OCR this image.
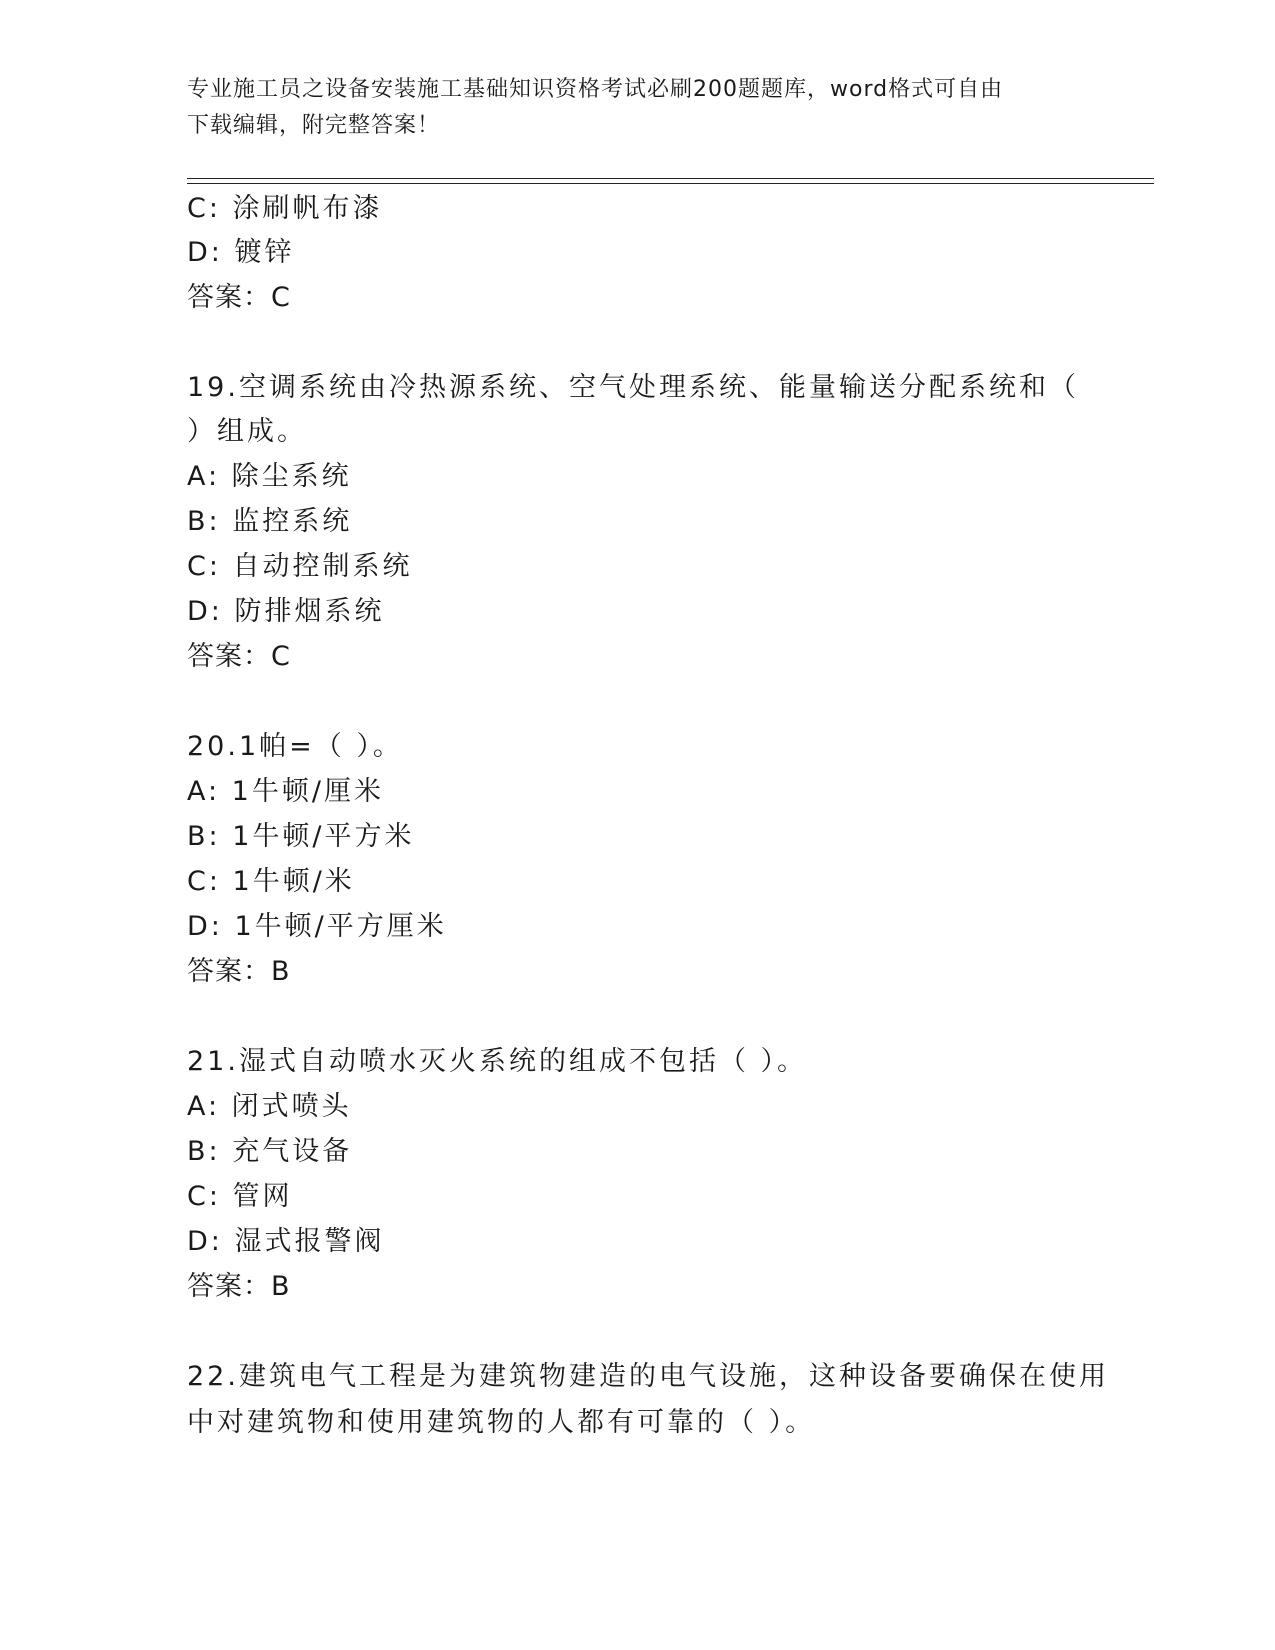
专业施工员之设备安装施工基础知识资格考试必刷200题题库，word格式可自由
下载编辑，附完整答案！
C: 涂刷帆布漆
D: 镀锌
答案：C
19.空调系统由冷热源系统、空气处理系统、能量输送分配系统和（
）组成。
A: 除尘系统
B: 监控系统
C: 自动控制系统
D: 防排烟系统
答案：C
20.1帕=（ ）。
A: 1牛顿/厘米
B: 1牛顿/平方米
C: 1牛顿/米
D: 1牛顿/平方厘米
答案：B
21.湿式自动喷水灭火系统的组成不包括（ ）。
A: 闭式喷头
B: 充气设备
C: 管网
D: 湿式报警阀
答案：B
22.建筑电气工程是为建筑物建造的电气设施，这种设备要确保在使用
中对建筑物和使用建筑物的人都有可靠的（ ）。
